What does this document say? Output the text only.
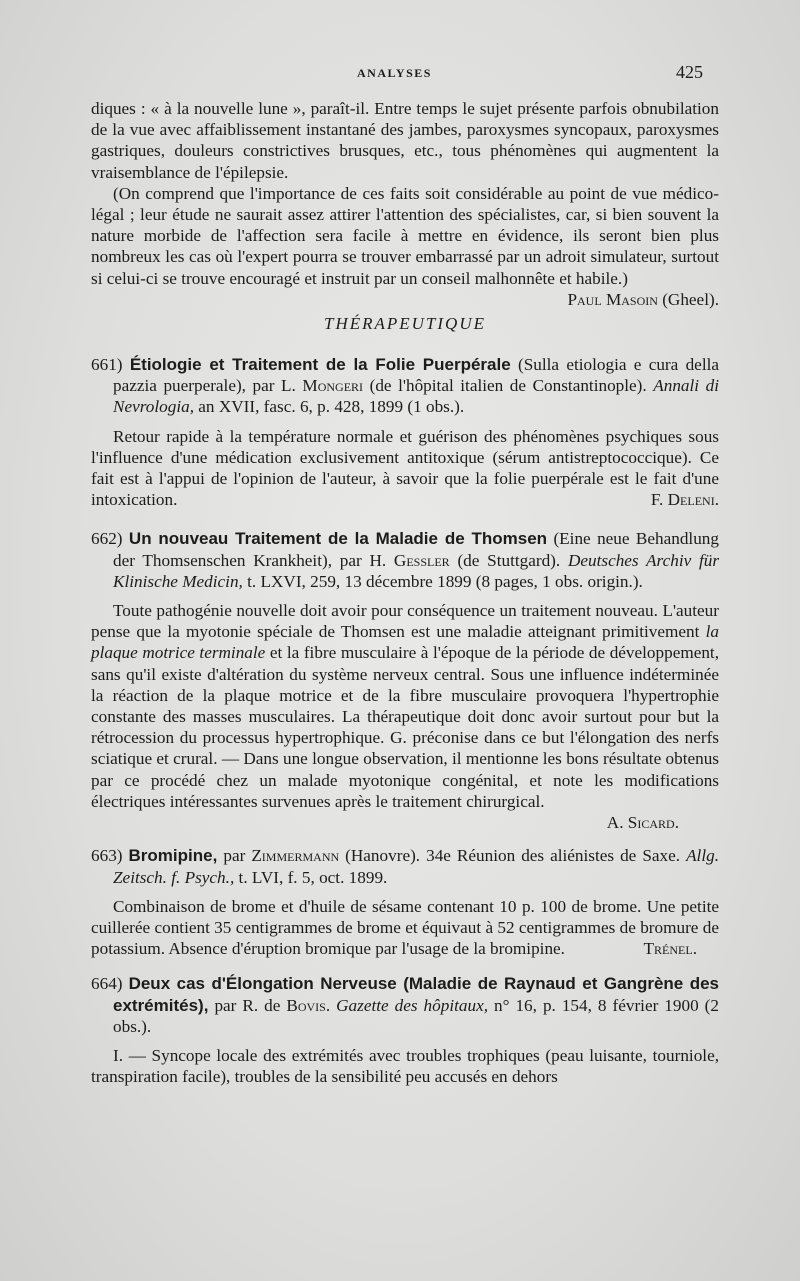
ANALYSES	425

diques : « à la nouvelle lune », paraît-il. Entre temps le sujet présente parfois obnubilation de la vue avec affaiblissement instantané des jambes, paroxysmes syncopaux, paroxysmes gastriques, douleurs constrictives brusques, etc., tous phénomènes qui augmentent la vraisemblance de l'épilepsie.

(On comprend que l'importance de ces faits soit considérable au point de vue médico-légal ; leur étude ne saurait assez attirer l'attention des spécialistes, car, si bien souvent la nature morbide de l'affection sera facile à mettre en évidence, ils seront bien plus nombreux les cas où l'expert pourra se trouver embarrassé par un adroit simulateur, surtout si celui-ci se trouve encouragé et instruit par un conseil malhonnête et habile.)
Paul Masoin (Gheel).

THÉRAPEUTIQUE

661) Étiologie et Traitement de la Folie Puerpérale (Sulla etiologia e cura della pazzia puerperale), par L. Mongeri (de l'hôpital italien de Constantinople). Annali di Nevrologia, an XVII, fasc. 6, p. 428, 1899 (1 obs.).

Retour rapide à la température normale et guérison des phénomènes psychiques sous l'influence d'une médication exclusivement antitoxique (sérum antistreptococcique). Ce fait est à l'appui de l'opinion de l'auteur, à savoir que la folie puerpérale est le fait d'une intoxication.	F. Deleni.

662) Un nouveau Traitement de la Maladie de Thomsen (Eine neue Behandlung der Thomsenschen Krankheit), par H. Gessler (de Stuttgard). Deutsches Archiv für Klinische Medicin, t. LXVI, 259, 13 décembre 1899 (8 pages, 1 obs. origin.).

Toute pathogénie nouvelle doit avoir pour conséquence un traitement nouveau. L'auteur pense que la myotonie spéciale de Thomsen est une maladie atteignant primitivement la plaque motrice terminale et la fibre musculaire à l'époque de la période de développement, sans qu'il existe d'altération du système nerveux central. Sous une influence indéterminée la réaction de la plaque motrice et de la fibre musculaire provoquera l'hypertrophie constante des masses musculaires. La thérapeutique doit donc avoir surtout pour but la rétrocession du processus hypertrophique. G. préconise dans ce but l'élongation des nerfs sciatique et crural. — Dans une longue observation, il mentionne les bons résultate obtenus par ce procédé chez un malade myotonique congénital, et note les modifications électriques intéressantes survenues après le traitement chirurgical.

A. Sicard.

663) Bromipine, par Zimmermann (Hanovre). 34e Réunion des aliénistes de Saxe. Allg. Zeitsch. f. Psych., t. LVI, f. 5, oct. 1899.

Combinaison de brome et d'huile de sésame contenant 10 p. 100 de brome. Une petite cuillerée contient 35 centigrammes de brome et équivaut à 52 centigrammes de bromure de potassium. Absence d'éruption bromique par l'usage de la bromipine.	Trénel.

664) Deux cas d'Élongation Nerveuse (Maladie de Raynaud et Gangrène des extrémités), par R. de Bovis. Gazette des hôpitaux, n° 16, p. 154, 8 février 1900 (2 obs.).

I. — Syncope locale des extrémités avec troubles trophiques (peau luisante, tourniole, transpiration facile), troubles de la sensibilité peu accusés en dehors
